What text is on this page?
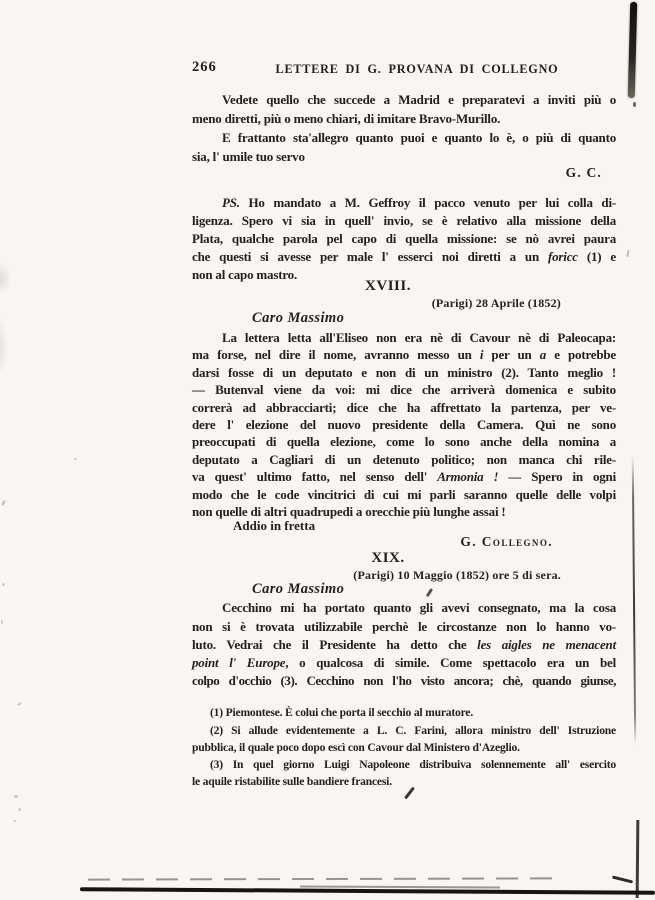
266	LETTERE DI G. PROVANA DI COLLEGNO
Vedete quello che succede a Madrid e preparatevi a inviti più o
meno diretti, più o meno chiari, di imitare Bravo-Murillo.
E frattanto sta'allegro quanto puoi e quanto lo è, o più di quanto
sia, l' umile tuo servo
G. C.
PS. Ho mandato a M. Geffroy il pacco venuto per lui colla di-
ligenza. Spero vi sia in quell' invio, se è relativo alla missione della
Plata, qualche parola pel capo di quella missione: se nò avrei paura
che questi si avesse per male l' esserci noi diretti a un foricc (1) e
non al capo mastro.
XVIII.
(Parigi) 28 Aprile (1852)
Caro Massimo
La lettera letta all'Eliseo non era nè di Cavour nè di Paleocapa:
ma forse, nel dire il nome, avranno messo un i per un a e potrebbe
darsi fosse di un deputato e non di un ministro (2). Tanto meglio !
— Butenval viene da voi: mi dice che arriverà domenica e subito
correrà ad abbracciarti; dice che ha affrettato la partenza, per ve-
dere l' elezione del nuovo presidente della Camera. Quì ne sono
preoccupati di quella elezione, come lo sono anche della nomina a
deputato a Cagliari di un detenuto politico; non manca chi rile-
va quest' ultimo fatto, nel senso dell' Armonia ! — Spero in ogni
modo che le code vincitrici di cui mi parli saranno quelle delle volpi
non quelle di altri quadrupedi a orecchie più lunghe assai !
Addio in fretta
G. Collegno.
XIX.
(Parigi) 10 Maggio (1852) ore 5 di sera.
Caro Massimo
Cecchino mi ha portato quanto gli avevi consegnato, ma la cosa
non si è trovata utilizzabile perchè le circostanze non lo hanno vo-
luto. Vedrai che il Presidente ha detto che les aigles ne menacent
point l' Europe, o qualcosa di simile. Come spettacolo era un bel
colpo d'occhio (3). Cecchino non l'ho visto ancora; chè, quando giunse,
(1) Piemontese. È colui che porta il secchio al muratore.
(2) Si allude evidentemente a L. C. Farini, allora ministro dell' Istruzione
pubblica, il quale poco dopo escì con Cavour dal Ministero d'Azeglio.
(3) In quel giorno Luigi Napoleone distribuiva solennemente all' esercito
le aquile ristabilite sulle bandiere francesi.
